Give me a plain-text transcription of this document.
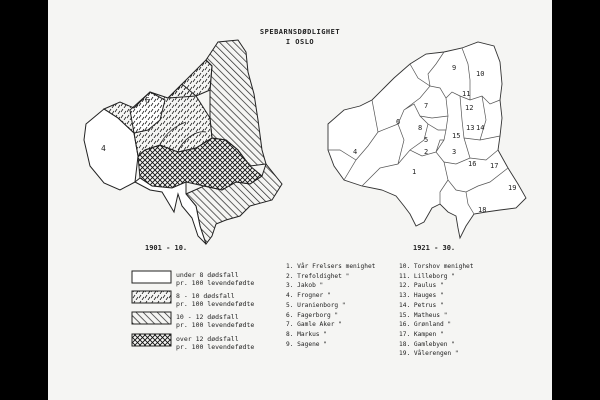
SPEBARNSDØDLIGHET
I OSLO
6
4
9
10
11
7	12
6
8	13
5	15
14
2	3
4
1
16 17
19
18
1901 - 10.	1921 - 30.
under 8 dødsfall
pr. 100 levendefødte
8 - 10 dødsfall
pr. 100 levendefødte
10 - 12 dødsfall
pr. 100 levendefødte
over 12 dødsfall
pr. 100 levendefødte
1. Vår Frelsers menighet
2. Trefoldighet "
3. Jakob "
4. Frogner "
5. Uranienborg "
6. Fagerborg "
7. Gamle Aker "
8. Markus "
9. Sagene "
10. Torshov menighet
11. Lilleborg "
12. Paulus "
13. Hauges "
14. Petrus "
15. Matheus "
16. Grønland "
17. Kampen "
18. Gamlebyen "
19. Vålerengen "
